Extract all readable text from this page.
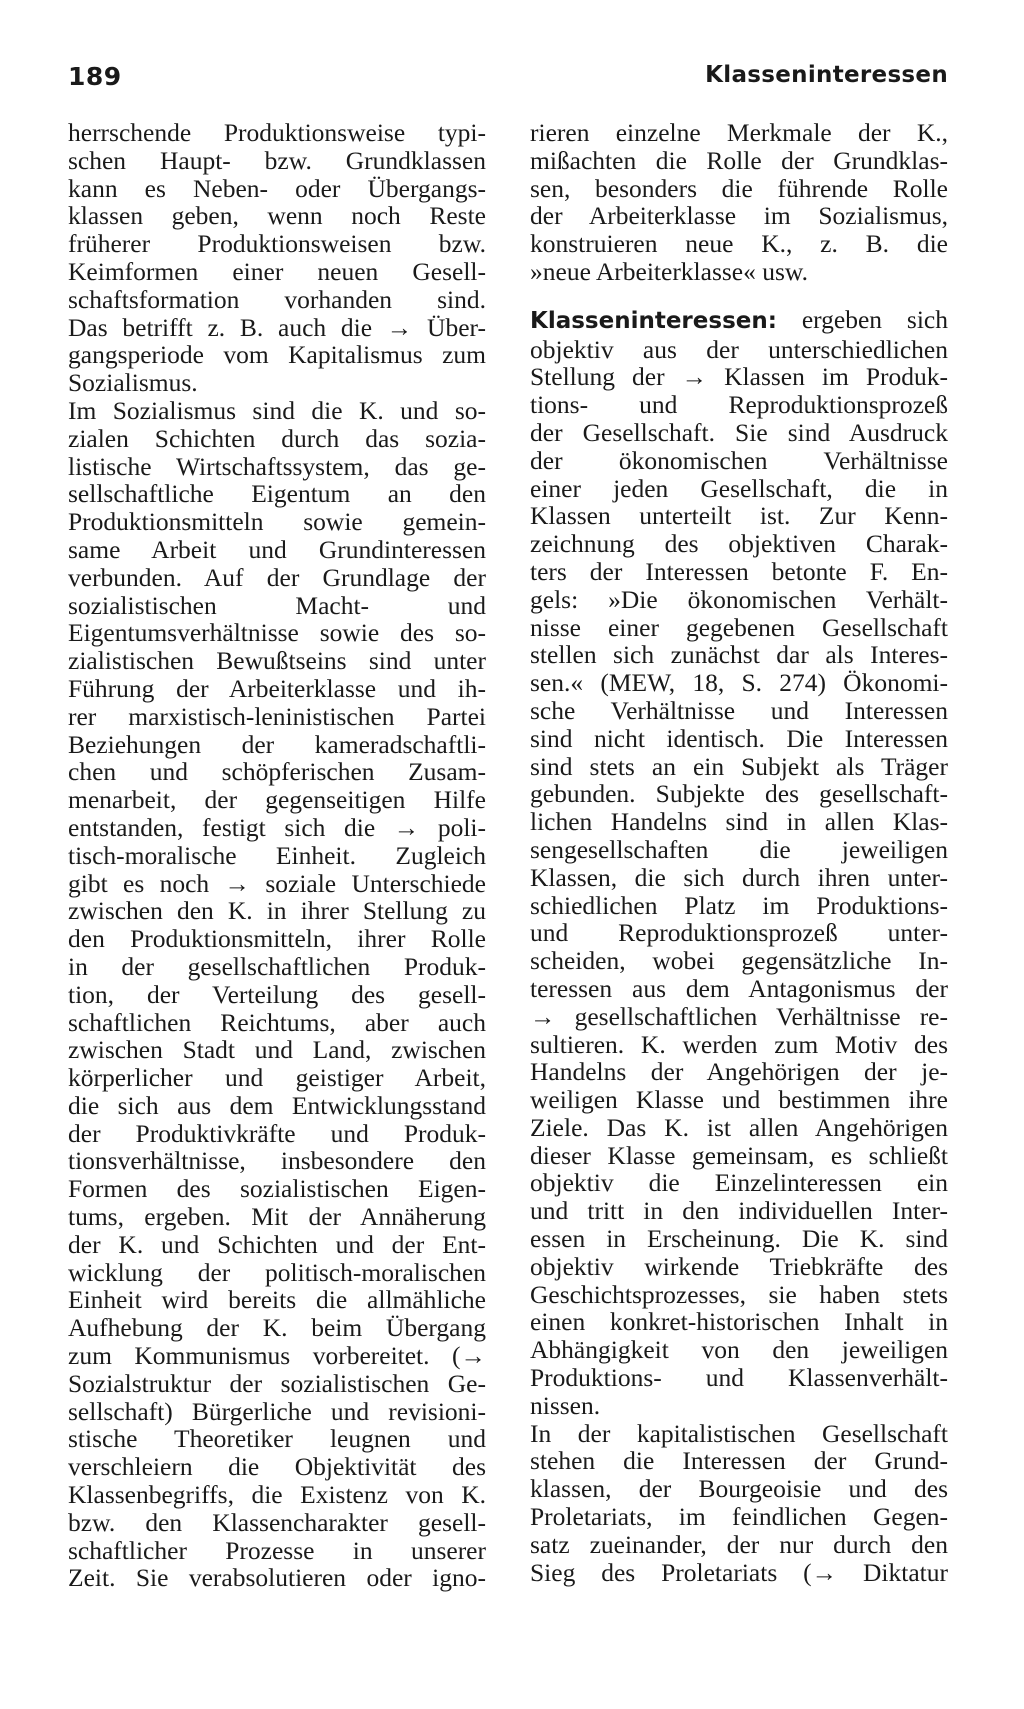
189	Klasseninteressen

herrschende Produktionsweise typi-
schen Haupt- bzw. Grundklassen
kann es Neben- oder Übergangs-
klassen geben, wenn noch Reste
früherer Produktionsweisen bzw.
Keimformen einer neuen Gesell-
schaftsformation vorhanden sind.
Das betrifft z. B. auch die → Über-
gangsperiode vom Kapitalismus zum
Sozialismus.
Im Sozialismus sind die K. und so-
zialen Schichten durch das sozia-
listische Wirtschaftssystem, das ge-
sellschaftliche Eigentum an den
Produktionsmitteln sowie gemein-
same Arbeit und Grundinteressen
verbunden. Auf der Grundlage der
sozialistischen Macht- und
Eigentumsverhältnisse sowie des so-
zialistischen Bewußtseins sind unter
Führung der Arbeiterklasse und ih-
rer marxistisch-leninistischen Partei
Beziehungen der kameradschaftli-
chen und schöpferischen Zusam-
menarbeit, der gegenseitigen Hilfe
entstanden, festigt sich die → poli-
tisch-moralische Einheit. Zugleich
gibt es noch → soziale Unterschiede
zwischen den K. in ihrer Stellung zu
den Produktionsmitteln, ihrer Rolle
in der gesellschaftlichen Produk-
tion, der Verteilung des gesell-
schaftlichen Reichtums, aber auch
zwischen Stadt und Land, zwischen
körperlicher und geistiger Arbeit,
die sich aus dem Entwicklungsstand
der Produktivkräfte und Produk-
tionsverhältnisse, insbesondere den
Formen des sozialistischen Eigen-
tums, ergeben. Mit der Annäherung
der K. und Schichten und der Ent-
wicklung der politisch-moralischen
Einheit wird bereits die allmähliche
Aufhebung der K. beim Übergang
zum Kommunismus vorbereitet. (→
Sozialstruktur der sozialistischen Ge-
sellschaft) Bürgerliche und revisioni-
stische Theoretiker leugnen und
verschleiern die Objektivität des
Klassenbegriffs, die Existenz von K.
bzw. den Klassencharakter gesell-
schaftlicher Prozesse in unserer
Zeit. Sie verabsolutieren oder igno-

rieren einzelne Merkmale der K.,
mißachten die Rolle der Grundklas-
sen, besonders die führende Rolle
der Arbeiterklasse im Sozialismus,
konstruieren neue K., z. B. die
»neue Arbeiterklasse« usw.

Klasseninteressen: ergeben sich
objektiv aus der unterschiedlichen
Stellung der → Klassen im Produk-
tions- und Reproduktionsprozeß
der Gesellschaft. Sie sind Ausdruck
der ökonomischen Verhältnisse
einer jeden Gesellschaft, die in
Klassen unterteilt ist. Zur Kenn-
zeichnung des objektiven Charak-
ters der Interessen betonte F. En-
gels: »Die ökonomischen Verhält-
nisse einer gegebenen Gesellschaft
stellen sich zunächst dar als Interes-
sen.« (MEW, 18, S. 274) Ökonomi-
sche Verhältnisse und Interessen
sind nicht identisch. Die Interessen
sind stets an ein Subjekt als Träger
gebunden. Subjekte des gesellschaft-
lichen Handelns sind in allen Klas-
sengesellschaften die jeweiligen
Klassen, die sich durch ihren unter-
schiedlichen Platz im Produktions-
und Reproduktionsprozeß unter-
scheiden, wobei gegensätzliche In-
teressen aus dem Antagonismus der
→ gesellschaftlichen Verhältnisse re-
sultieren. K. werden zum Motiv des
Handelns der Angehörigen der je-
weiligen Klasse und bestimmen ihre
Ziele. Das K. ist allen Angehörigen
dieser Klasse gemeinsam, es schließt
objektiv die Einzelinteressen ein
und tritt in den individuellen Inter-
essen in Erscheinung. Die K. sind
objektiv wirkende Triebkräfte des
Geschichtsprozesses, sie haben stets
einen konkret-historischen Inhalt in
Abhängigkeit von den jeweiligen
Produktions- und Klassenverhält-
nissen.

In der kapitalistischen Gesellschaft
stehen die Interessen der Grund-
klassen, der Bourgeoisie und des
Proletariats, im feindlichen Gegen-
satz zueinander, der nur durch den
Sieg des Proletariats (→ Diktatur
